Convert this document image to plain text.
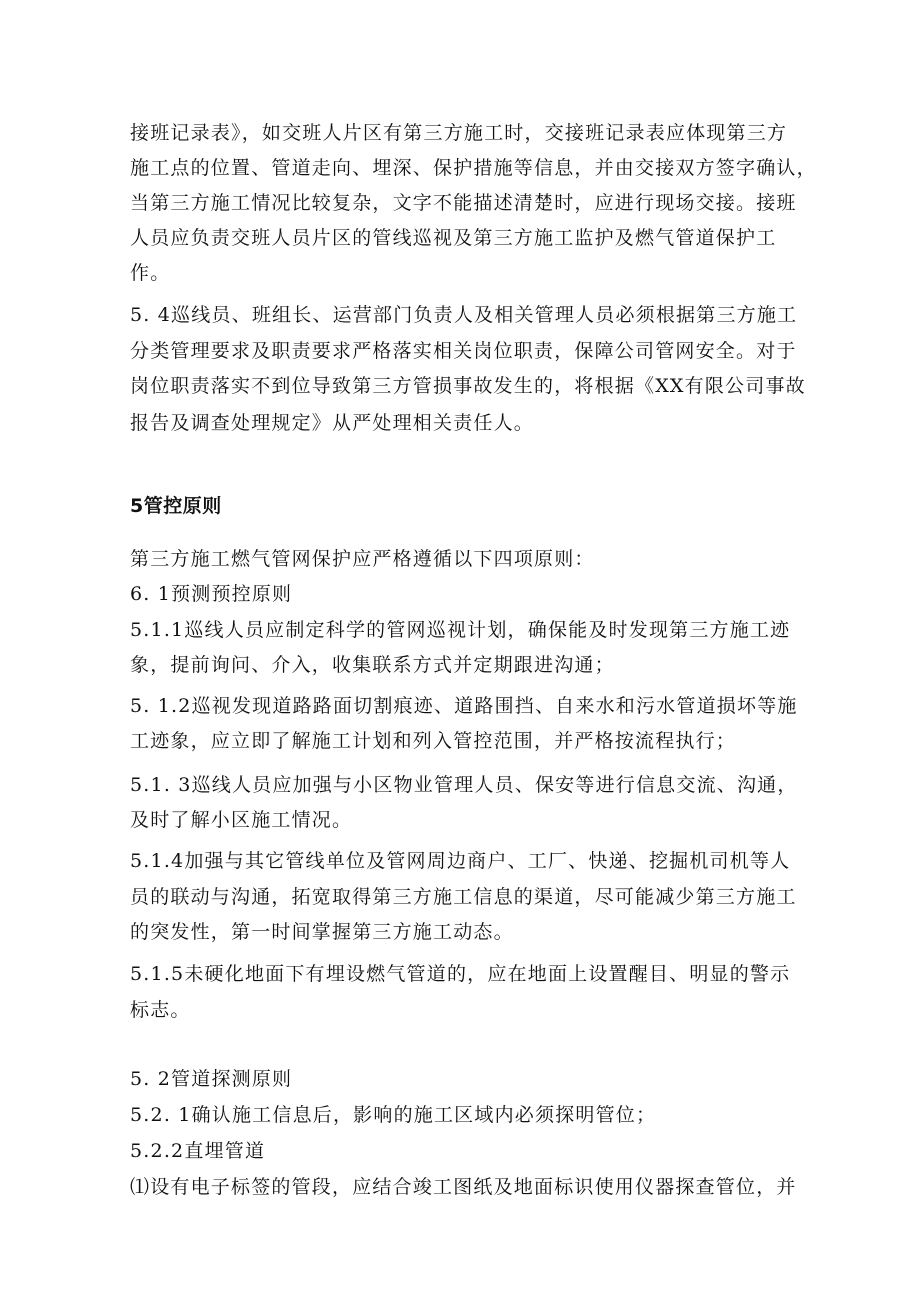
接班记录表》，如交班人片区有第三方施工时，交接班记录表应体现第三方
施工点的位置、管道走向、埋深、保护措施等信息，并由交接双方签字确认，
当第三方施工情况比较复杂，文字不能描述清楚时，应进行现场交接。接班
人员应负责交班人员片区的管线巡视及第三方施工监护及燃气管道保护工
作。
5. 4巡线员、班组长、运营部门负责人及相关管理人员必须根据第三方施工
分类管理要求及职责要求严格落实相关岗位职责，保障公司管网安全。对于
岗位职责落实不到位导致第三方管损事故发生的，将根据《XX有限公司事故
报告及调查处理规定》从严处理相关责任人。
5管控原则
第三方施工燃气管网保护应严格遵循以下四项原则：
6. 1预测预控原则
5.1.1巡线人员应制定科学的管网巡视计划，确保能及时发现第三方施工迹
象，提前询问、介入，收集联系方式并定期跟进沟通；
5. 1.2巡视发现道路路面切割痕迹、道路围挡、自来水和污水管道损坏等施
工迹象，应立即了解施工计划和列入管控范围，并严格按流程执行；
5.1. 3巡线人员应加强与小区物业管理人员、保安等进行信息交流、沟通，
及时了解小区施工情况。
5.1.4加强与其它管线单位及管网周边商户、工厂、快递、挖掘机司机等人
员的联动与沟通，拓宽取得第三方施工信息的渠道，尽可能减少第三方施工
的突发性，第一时间掌握第三方施工动态。
5.1.5未硬化地面下有埋设燃气管道的，应在地面上设置醒目、明显的警示
标志。
5. 2管道探测原则
5.2. 1确认施工信息后，影响的施工区域内必须探明管位；
5.2.2直埋管道
⑴设有电子标签的管段，应结合竣工图纸及地面标识使用仪器探查管位，并
